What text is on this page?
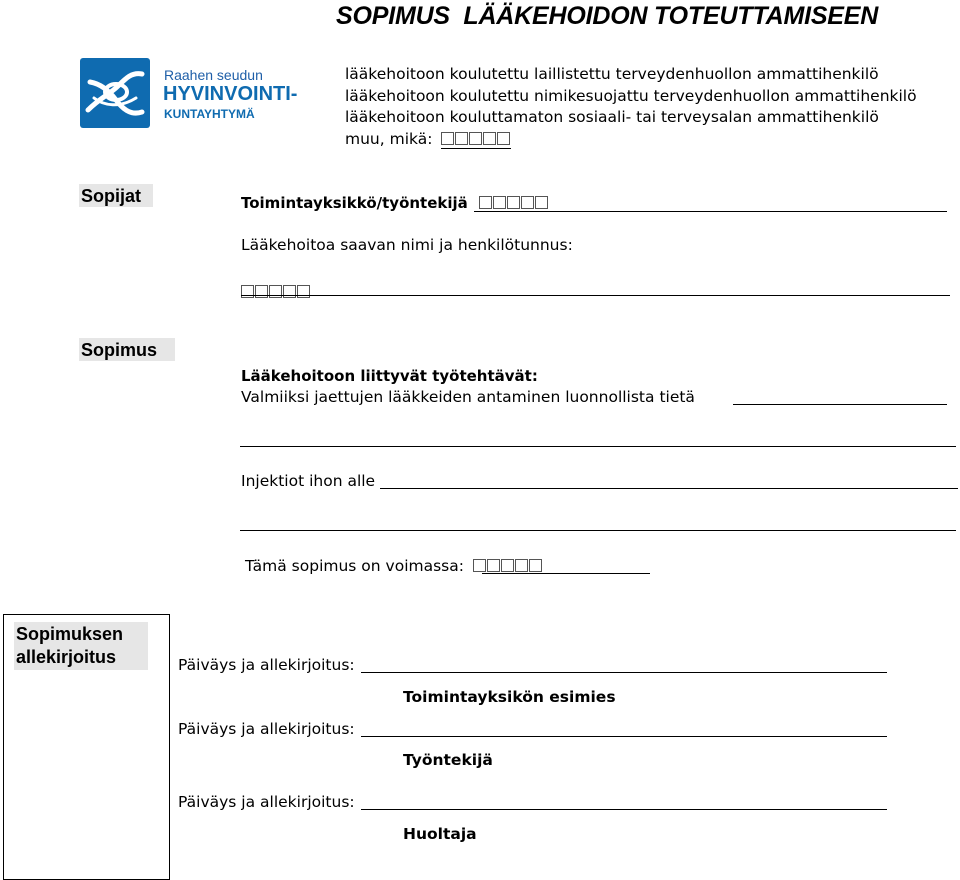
SOPIMUS  LÄÄKEHOIDON TOTEUTTAMISEEN
Raahen seudun
HYVINVOINTI-
KUNTAYHTYMÄ
lääkehoitoon koulutettu laillistettu terveydenhuollon ammattihenkilö
lääkehoitoon koulutettu nimikesuojattu terveydenhuollon ammattihenkilö
lääkehoitoon kouluttamaton sosiaali- tai terveysalan ammattihenkilö
muu, mikä:
Sopijat	Toimintayksikkö/työntekijä
Lääkehoitoa saavan nimi ja henkilötunnus:
Sopimus
Lääkehoitoon liittyvät työtehtävät:
Valmiiksi jaettujen lääkkeiden antaminen luonnollista tietä
Injektiot ihon alle
Tämä sopimus on voimassa:
Sopimuksen
allekirjoitus	Päiväys ja allekirjoitus:
Toimintayksikön esimies
Päiväys ja allekirjoitus:
Työntekijä
Päiväys ja allekirjoitus:
Huoltaja
